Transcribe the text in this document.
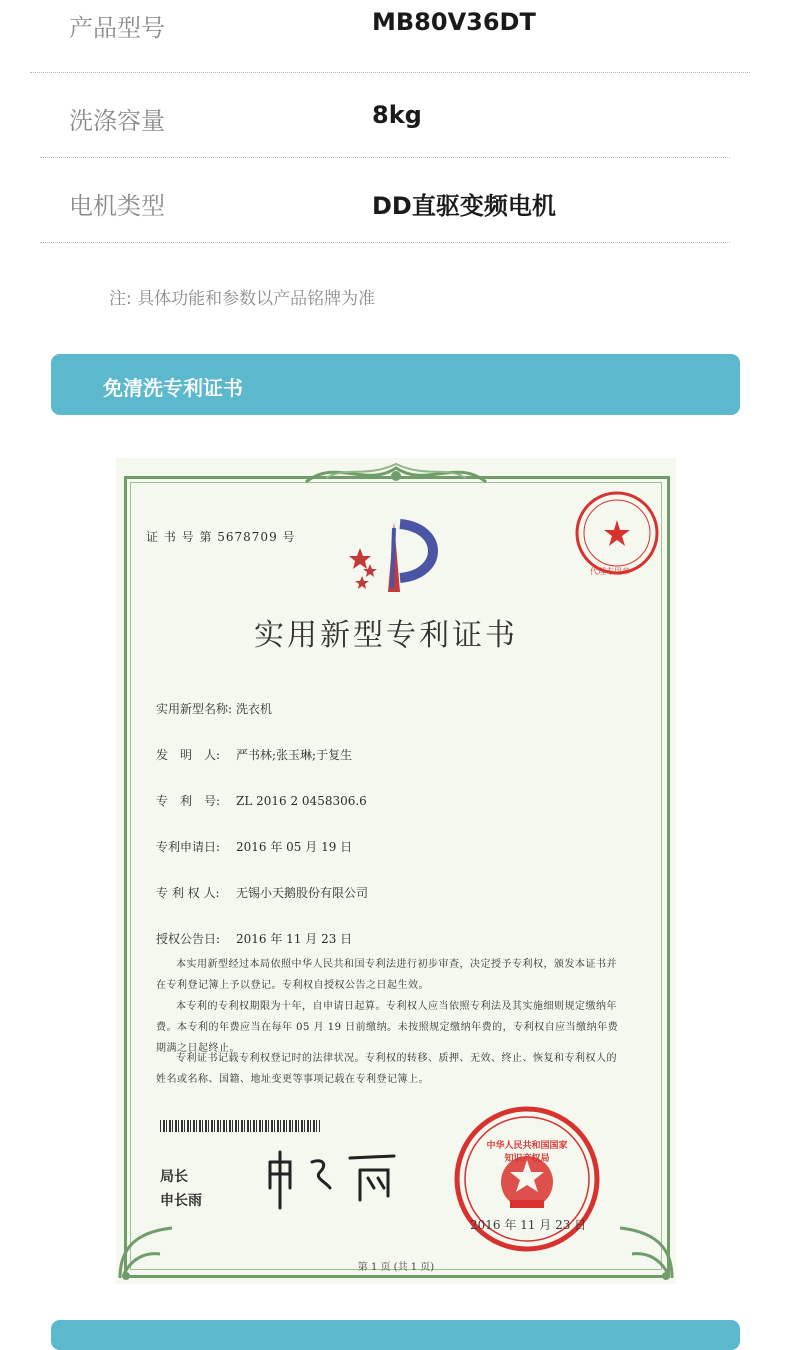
产品型号	MB80V36DT
洗涤容量	8kg
电机类型	DD直驱变频电机
注: 具体功能和参数以产品铭牌为准
免清洗专利证书
证 书 号 第 5678709 号
代理专用章
实用新型专利证书
实用新型名称: 洗衣机
发　明　人: 严书林;张玉琳;于复生
专　利　号: ZL 2016 2 0458306.6
专利申请日: 2016 年 05 月 19 日
专 利 权 人: 无锡小天鹅股份有限公司
授权公告日: 2016 年 11 月 23 日
本实用新型经过本局依照中华人民共和国专利法进行初步审查，决定授予专利权，颁发本证书并在专利登记簿上予以登记。专利权自授权公告之日起生效。
本专利的专利权期限为十年，自申请日起算。专利权人应当依照专利法及其实施细则规定缴纳年费。本专利的年费应当在每年 05 月 19 日前缴纳。未按照规定缴纳年费的，专利权自应当缴纳年费期满之日起终止。
专利证书记载专利权登记时的法律状况。专利权的转移、质押、无效、终止、恢复和专利权人的姓名或名称、国籍、地址变更等事项记载在专利登记簿上。
局长
申长雨
中华人民共和国国家知识产权局
2016 年 11 月 23 日
第 1 页 (共 1 页)
